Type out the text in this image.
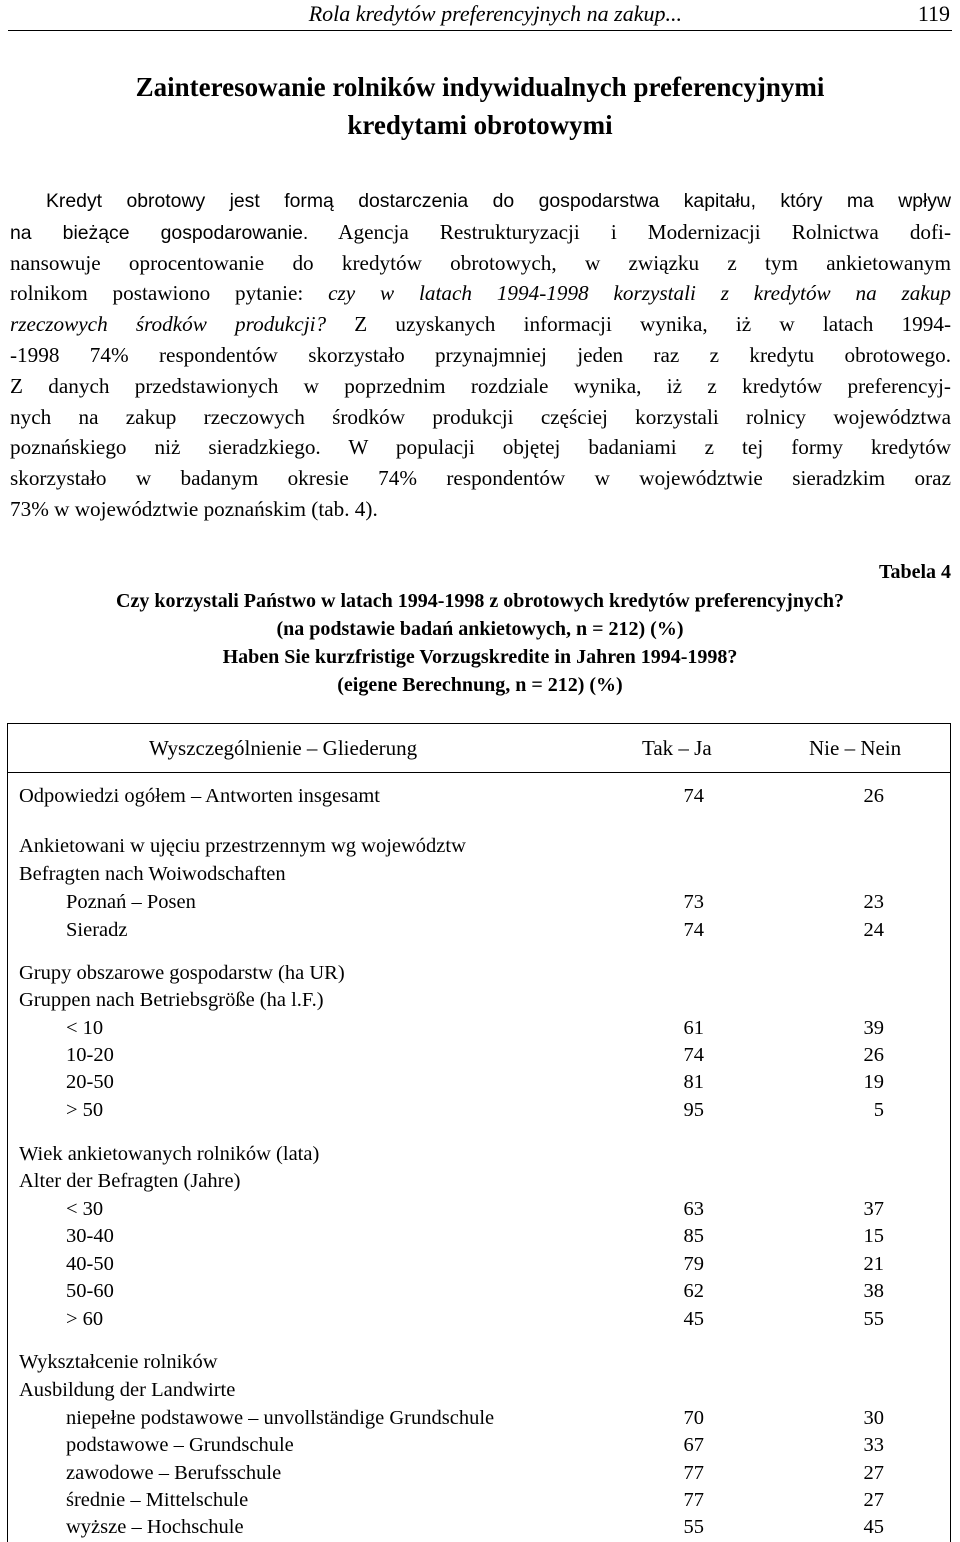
Rola kredytów preferencyjnych na zakup...	119
Zainteresowanie rolników indywidualnych preferencyjnymi
kredytami obrotowymi
Kredyt obrotowy jest formą dostarczenia do gospodarstwa kapitału, który ma wpływ
na bieżące gospodarowanie. Agencja Restrukturyzacji i Modernizacji Rolnictwa dofi-
nansowuje oprocentowanie do kredytów obrotowych, w związku z tym ankietowanym
rolnikom postawiono pytanie: czy w latach 1994-1998 korzystali z kredytów na zakup
rzeczowych środków produkcji? Z uzyskanych informacji wynika, iż w latach 1994-
-1998 74% respondentów skorzystało przynajmniej jeden raz z kredytu obrotowego.
Z danych przedstawionych w poprzednim rozdziale wynika, iż z kredytów preferencyj-
nych na zakup rzeczowych środków produkcji częściej korzystali rolnicy województwa
poznańskiego niż sieradzkiego. W populacji objętej badaniami z tej formy kredytów
skorzystało w badanym okresie 74% respondentów w województwie sieradzkim oraz
73% w województwie poznańskim (tab. 4).
Tabela 4
Czy korzystali Państwo w latach 1994-1998 z obrotowych kredytów preferencyjnych?
(na podstawie badań ankietowych, n = 212) (%)
Haben Sie kurzfristige Vorzugskredite in Jahren 1994-1998?
(eigene Berechnung, n = 212) (%)
Wyszczególnienie – Gliederung	Tak – Ja	Nie – Nein
Odpowiedzi ogółem – Antworten insgesamt	74	26
Ankietowani w ujęciu przestrzennym wg województw
Befragten nach Woiwodschaften
Poznań – Posen	73	23
Sieradz	74	24
Grupy obszarowe gospodarstw (ha UR)
Gruppen nach Betriebsgröße (ha l.F.)
< 10	61	39
10-20	74	26
20-50	81	19
> 50	95	5
Wiek ankietowanych rolników (lata)
Alter der Befragten (Jahre)
< 30	63	37
30-40	85	15
40-50	79	21
50-60	62	38
> 60	45	55
Wykształcenie rolników
Ausbildung der Landwirte
niepełne podstawowe – unvollständige Grundschule	70	30
podstawowe – Grundschule	67	33
zawodowe – Berufsschule	77	27
średnie – Mittelschule	77	27
wyższe – Hochschule	55	45
